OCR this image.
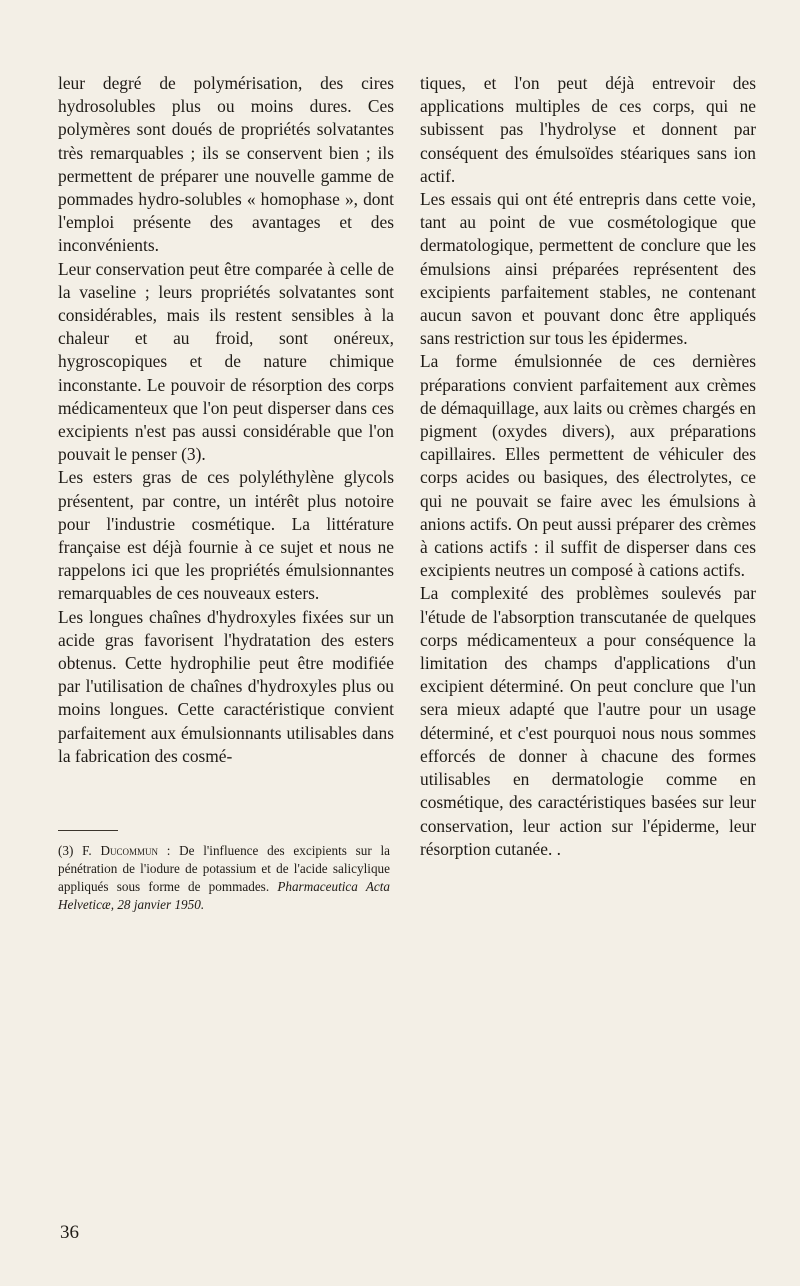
leur degré de polymérisation, des cires hydrosolubles plus ou moins dures. Ces polymères sont doués de propriétés solvatantes très remarquables ; ils se conservent bien ; ils permettent de préparer une nouvelle gamme de pommades hydro-solubles « homophase », dont l'emploi présente des avantages et des inconvénients.

Leur conservation peut être comparée à celle de la vaseline ; leurs propriétés solvatantes sont considérables, mais ils restent sensibles à la chaleur et au froid, sont onéreux, hygroscopiques et de nature chimique inconstante. Le pouvoir de résorption des corps médicamenteux que l'on peut disperser dans ces excipients n'est pas aussi considérable que l'on pouvait le penser (3).

Les esters gras de ces polyléthylène glycols présentent, par contre, un intérêt plus notoire pour l'industrie cosmétique. La littérature française est déjà fournie à ce sujet et nous ne rappelons ici que les propriétés émulsionnantes remarquables de ces nouveaux esters.

Les longues chaînes d'hydroxyles fixées sur un acide gras favorisent l'hydratation des esters obtenus. Cette hydrophilie peut être modifiée par l'utilisation de chaînes d'hydroxyles plus ou moins longues. Cette caractéristique convient parfaitement aux émulsionnants utilisables dans la fabrication des cosmé-

tiques, et l'on peut déjà entrevoir des applications multiples de ces corps, qui ne subissent pas l'hydrolyse et donnent par conséquent des émulsoïdes stéariques sans ion actif.

Les essais qui ont été entrepris dans cette voie, tant au point de vue cosmétologique que dermatologique, permettent de conclure que les émulsions ainsi préparées représentent des excipients parfaitement stables, ne contenant aucun savon et pouvant donc être appliqués sans restriction sur tous les épidermes.

La forme émulsionnée de ces dernières préparations convient parfaitement aux crèmes de démaquillage, aux laits ou crèmes chargés en pigment (oxydes divers), aux préparations capillaires. Elles permettent de véhiculer des corps acides ou basiques, des électrolytes, ce qui ne pouvait se faire avec les émulsions à anions actifs. On peut aussi préparer des crèmes à cations actifs : il suffit de disperser dans ces excipients neutres un composé à cations actifs.

La complexité des problèmes soulevés par l'étude de l'absorption transcutanée de quelques corps médicamenteux a pour conséquence la limitation des champs d'applications d'un excipient déterminé. On peut conclure que l'un sera mieux adapté que l'autre pour un usage déterminé, et c'est pourquoi nous nous sommes efforcés de donner à chacune des formes utilisables en dermatologie comme en cosmétique, des caractéristiques basées sur leur conservation, leur action sur l'épiderme, leur résorption cutanée. .

(3) F. Ducommun : De l'influence des excipients sur la pénétration de l'iodure de potassium et de l'acide salicylique appliqués sous forme de pommades. Pharmaceutica Acta Helveticæ, 28 janvier 1950.

36
